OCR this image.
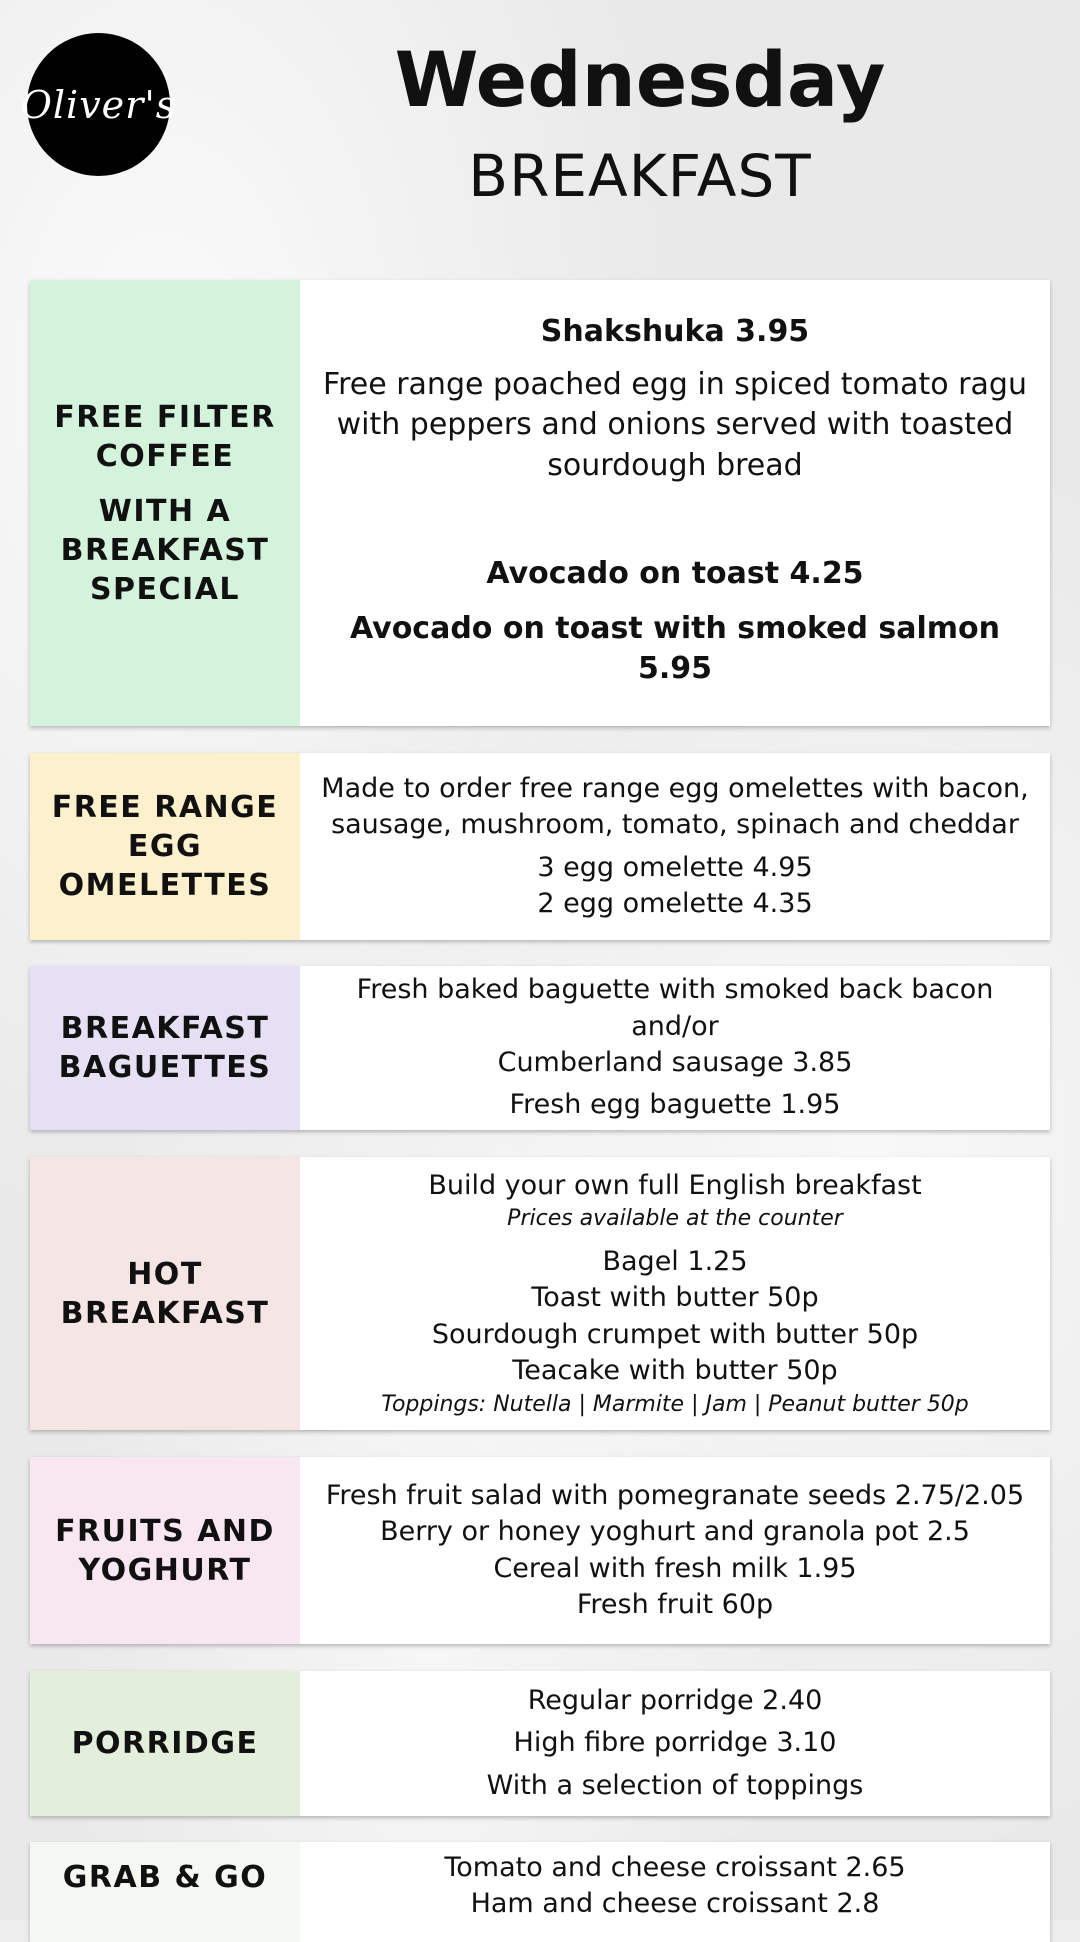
Oliver's	Wednesday
BREAKFAST
FREE FILTER
COFFEE
WITH A
BREAKFAST
SPECIAL
Shakshuka 3.95
Free range poached egg in spiced tomato ragu
with peppers and onions served with toasted
sourdough bread
Avocado on toast 4.25
Avocado on toast with smoked salmon 5.95
FREE RANGE
EGG
OMELETTES
Made to order free range egg omelettes with bacon,
sausage, mushroom, tomato, spinach and cheddar
3 egg omelette 4.95
2 egg omelette 4.35
BREAKFAST
BAGUETTES
Fresh baked baguette with smoked back bacon and/or
Cumberland sausage 3.85
Fresh egg baguette 1.95
HOT
BREAKFAST
Build your own full English breakfast
Prices available at the counter
Bagel 1.25
Toast with butter 50p
Sourdough crumpet with butter 50p
Teacake with butter 50p
Toppings: Nutella | Marmite | Jam | Peanut butter 50p
FRUITS AND
YOGHURT
Fresh fruit salad with pomegranate seeds 2.75/2.05
Berry or honey yoghurt and granola pot 2.5
Cereal with fresh milk 1.95
Fresh fruit 60p
PORRIDGE
Regular porridge 2.40
High fibre porridge 3.10
With a selection of toppings
GRAB & GO	Tomato and cheese croissant 2.65
Ham and cheese croissant 2.8
